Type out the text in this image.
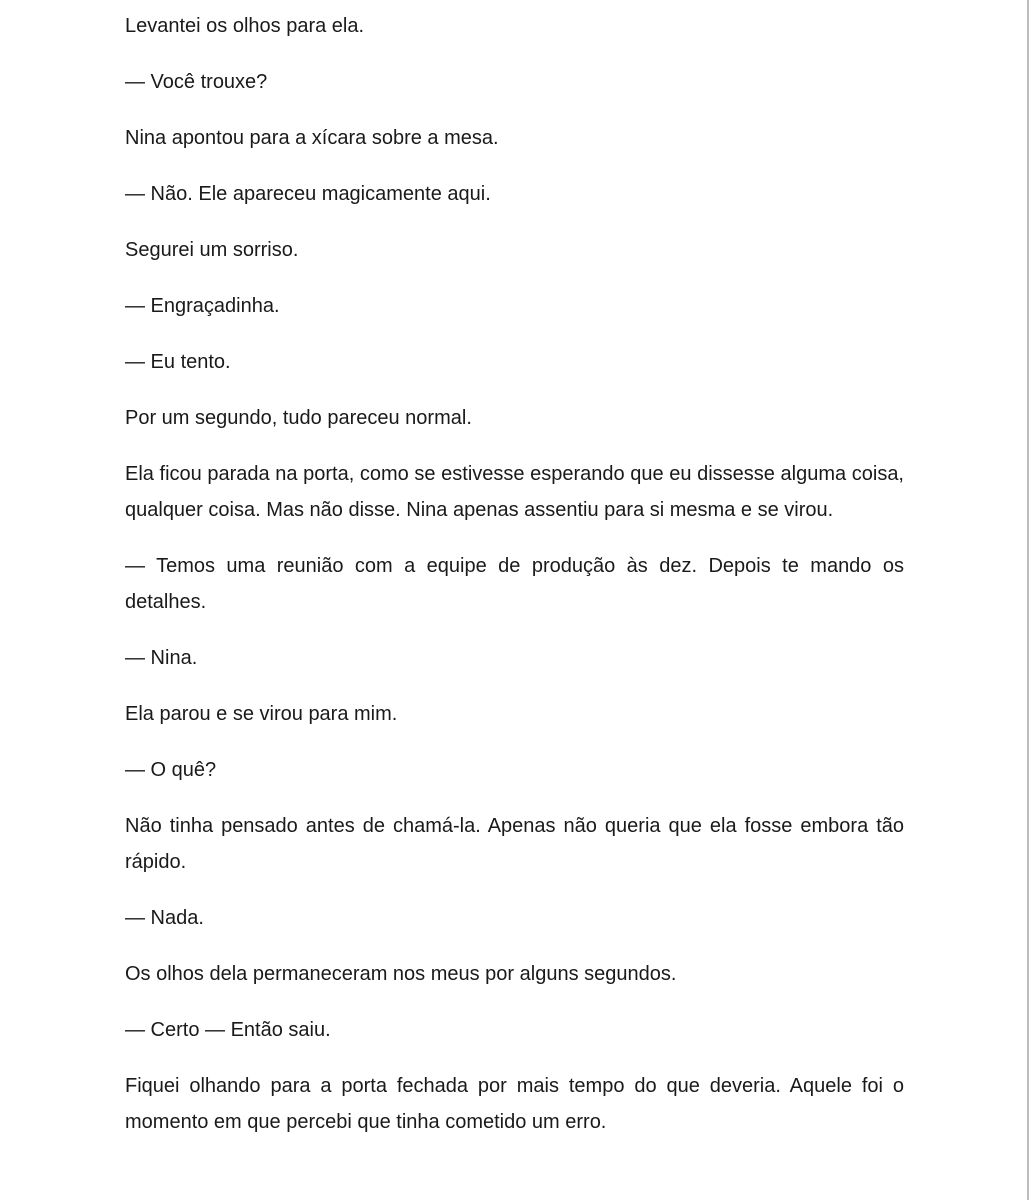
Levantei os olhos para ela.

— Você trouxe?

Nina apontou para a xícara sobre a mesa.

— Não. Ele apareceu magicamente aqui.

Segurei um sorriso.

— Engraçadinha.

— Eu tento.

Por um segundo, tudo pareceu normal.

Ela ficou parada na porta, como se estivesse esperando que eu dissesse alguma coisa, qualquer coisa. Mas não disse. Nina apenas assentiu para si mesma e se virou.

— Temos uma reunião com a equipe de produção às dez. Depois te mando os detalhes.

— Nina.

Ela parou e se virou para mim.

— O quê?

Não tinha pensado antes de chamá-la. Apenas não queria que ela fosse embora tão rápido.

— Nada.

Os olhos dela permaneceram nos meus por alguns segundos.

— Certo — Então saiu.

Fiquei olhando para a porta fechada por mais tempo do que deveria. Aquele foi o momento em que percebi que tinha cometido um erro.
